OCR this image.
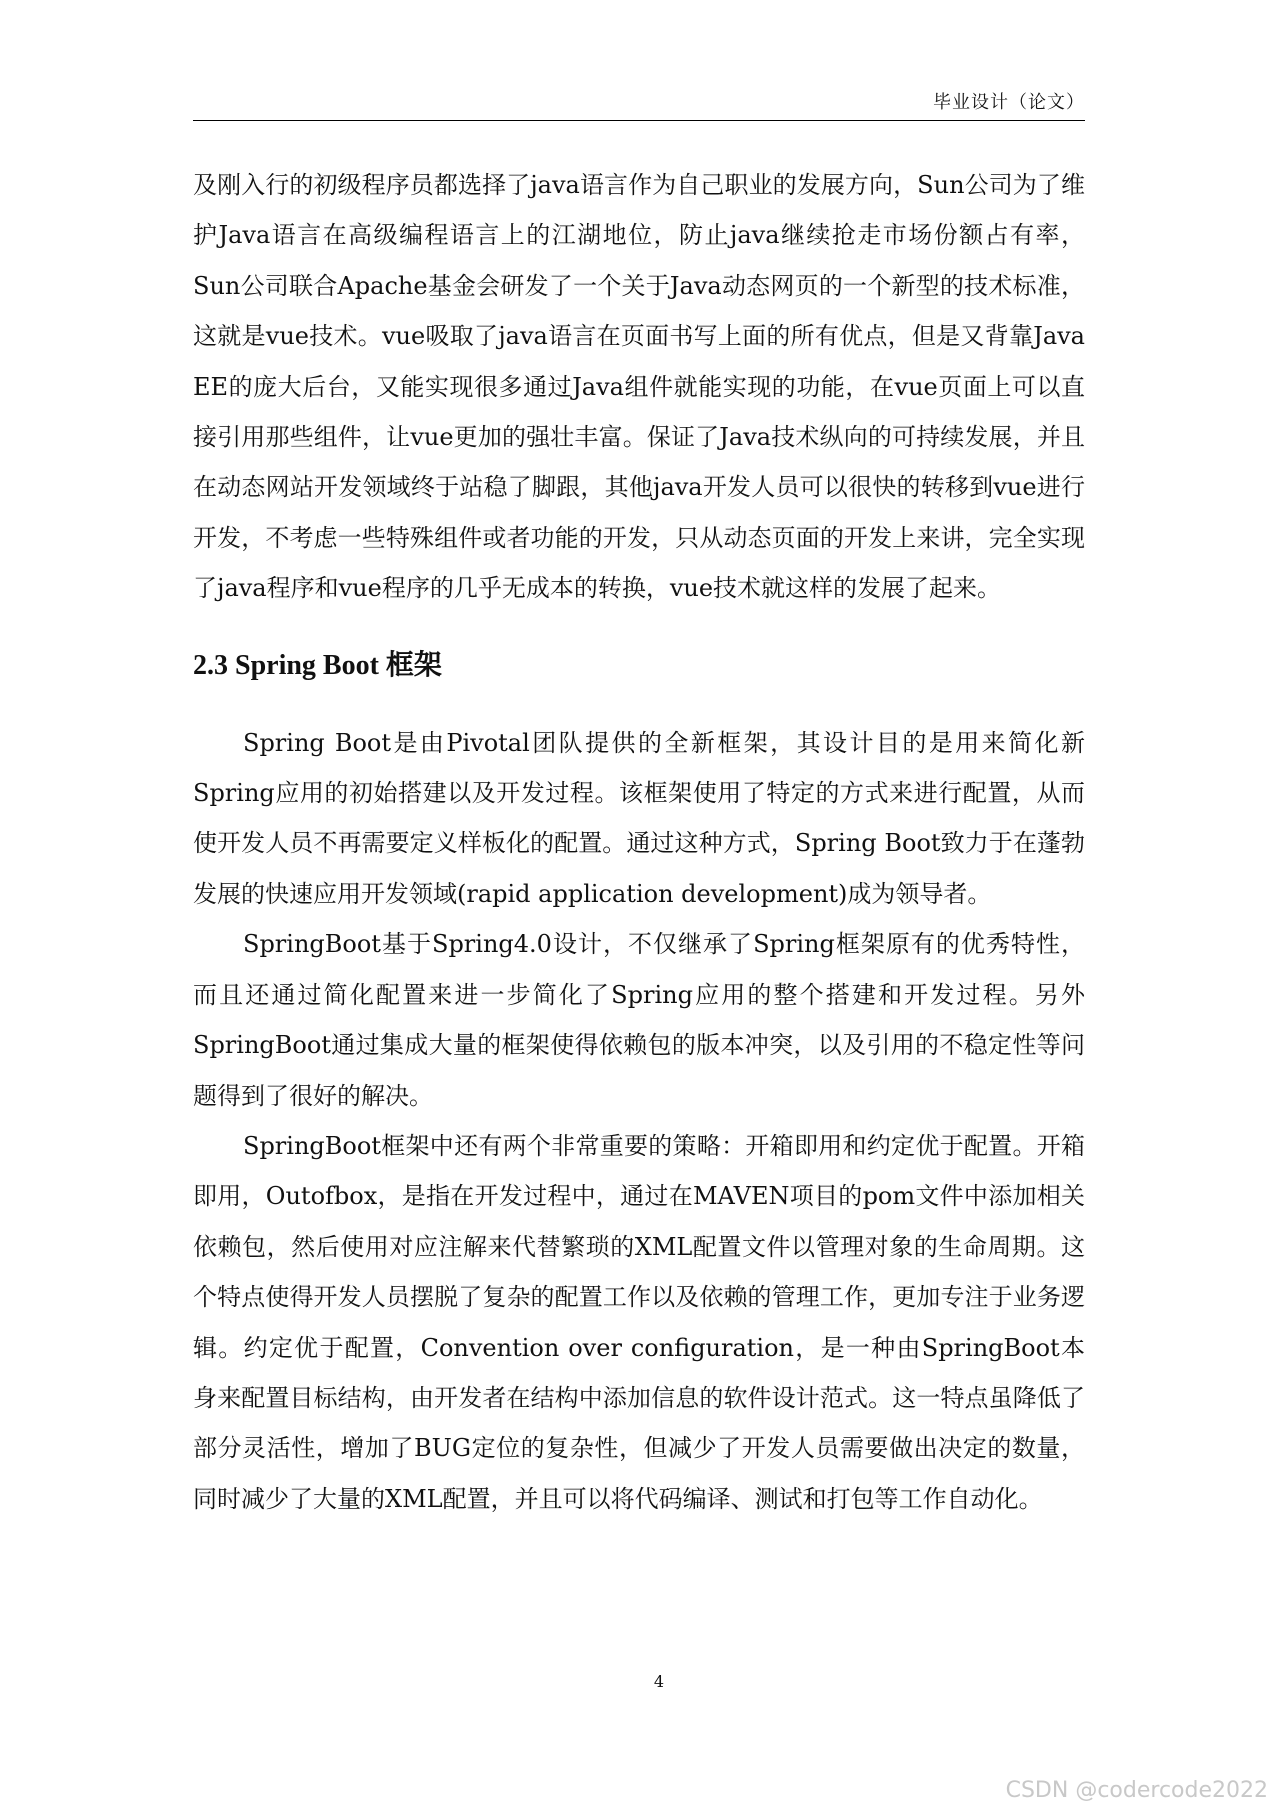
毕业设计（论文）

及刚入行的初级程序员都选择了java语言作为自己职业的发展方向，Sun公司为了维护Java语言在高级编程语言上的江湖地位，防止java继续抢走市场份额占有率，Sun公司联合Apache基金会研发了一个关于Java动态网页的一个新型的技术标准，这就是vue技术。vue吸取了java语言在页面书写上面的所有优点，但是又背靠Java EE的庞大后台，又能实现很多通过Java组件就能实现的功能，在vue页面上可以直接引用那些组件，让vue更加的强壮丰富。保证了Java技术纵向的可持续发展，并且在动态网站开发领域终于站稳了脚跟，其他java开发人员可以很快的转移到vue进行开发，不考虑一些特殊组件或者功能的开发，只从动态页面的开发上来讲，完全实现了java程序和vue程序的几乎无成本的转换，vue技术就这样的发展了起来。

2.3 Spring Boot 框架

Spring Boot是由Pivotal团队提供的全新框架，其设计目的是用来简化新Spring应用的初始搭建以及开发过程。该框架使用了特定的方式来进行配置，从而使开发人员不再需要定义样板化的配置。通过这种方式，Spring Boot致力于在蓬勃发展的快速应用开发领域(rapid application development)成为领导者。

SpringBoot基于Spring4.0设计，不仅继承了Spring框架原有的优秀特性，而且还通过简化配置来进一步简化了Spring应用的整个搭建和开发过程。另外SpringBoot通过集成大量的框架使得依赖包的版本冲突，以及引用的不稳定性等问题得到了很好的解决。

SpringBoot框架中还有两个非常重要的策略：开箱即用和约定优于配置。开箱即用，Outofbox，是指在开发过程中，通过在MAVEN项目的pom文件中添加相关依赖包，然后使用对应注解来代替繁琐的XML配置文件以管理对象的生命周期。这个特点使得开发人员摆脱了复杂的配置工作以及依赖的管理工作，更加专注于业务逻辑。约定优于配置，Convention over configuration，是一种由SpringBoot本身来配置目标结构，由开发者在结构中添加信息的软件设计范式。这一特点虽降低了部分灵活性，增加了BUG定位的复杂性，但减少了开发人员需要做出决定的数量，同时减少了大量的XML配置，并且可以将代码编译、测试和打包等工作自动化。

4
CSDN @codercode2022
